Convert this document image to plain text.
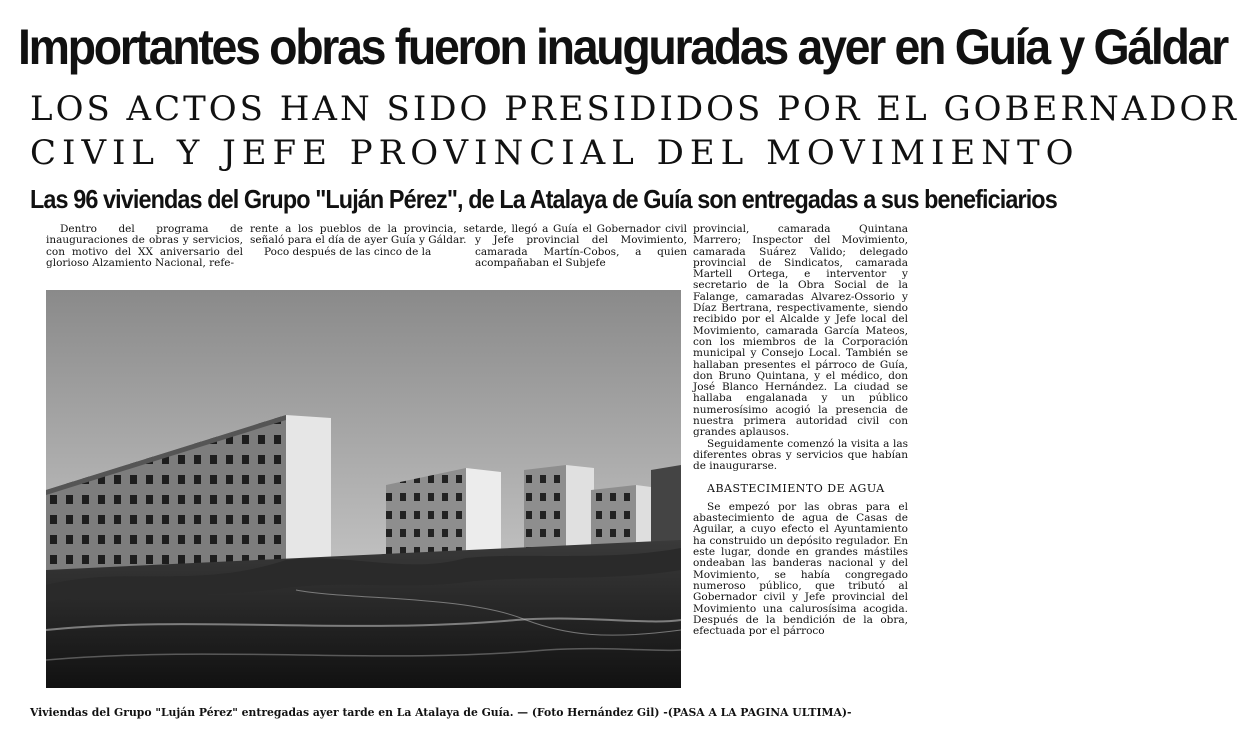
Importantes obras fueron inauguradas ayer en Guía y Gáldar
LOS ACTOS HAN SIDO PRESIDIDOS POR EL GOBERNADOR
CIVIL Y JEFE PROVINCIAL DEL MOVIMIENTO
Las 96 viviendas del Grupo "Luján Pérez", de La Atalaya de Guía son entregadas a sus beneficiarios
Dentro del programa de inauguraciones de obras y servicios, con motivo del XX aniversario del glorioso Alzamiento Nacional, refe-
rente a los pueblos de la provincia, se señaló para el día de ayer Guía y Gáldar.
Poco después de las cinco de la
tarde, llegó a Guía el Gobernador civil y Jefe provincial del Movimiento, camarada Martín-Cobos, a quien acompañaban el Subjefe

provincial, camarada Quintana Marrero; Inspector del Movimiento, camarada Suárez Valido; delegado provincial de Sindicatos, camarada Martell Ortega, e interventor y secretario de la Obra Social de la Falange, camaradas Alvarez-Ossorio y Díaz Bertrana, respectivamente, siendo recibido por el Alcalde y Jefe local del Movimiento, camarada García Mateos, con los miembros de la Corporación municipal y Consejo Local. También se hallaban presentes el párroco de Guía, don Bruno Quintana, y el médico, don José Blanco Hernández. La ciudad se hallaba engalanada y un público numerosísimo acogió la presencia de nuestra primera autoridad civil con grandes aplausos.

Seguidamente comenzó la visita a las diferentes obras y servicios que habían de inaugurarse.

ABASTECIMIENTO DE AGUA

Se empezó por las obras para el abastecimiento de agua de Casas de Aguilar, a cuyo efecto el Ayuntamiento ha construido un depósito regulador. En este lugar, donde en grandes mástiles ondeaban las banderas nacional y del Movimiento, se había congregado numeroso público, que tributó al Gobernador civil y Jefe provincial del Movimiento una calurosísima acogida. Después de la bendición de la obra, efectuada por el párroco

Viviendas del Grupo "Luján Pérez" entregadas ayer tarde en La Atalaya de Guía. — (Foto Hernández Gil) -(PASA A LA PAGINA ULTIMA)-
